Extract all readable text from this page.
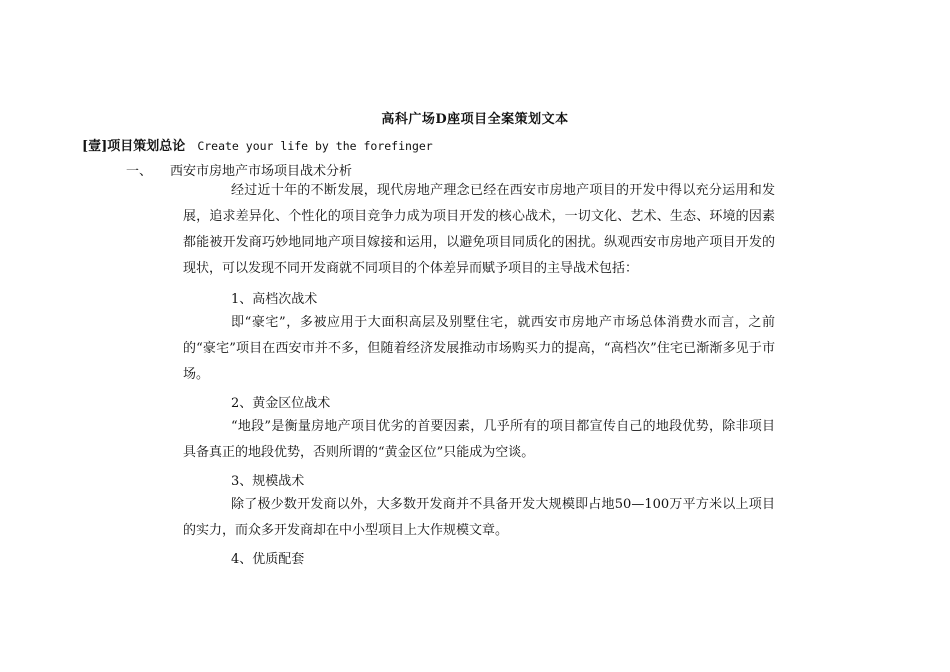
高科广场D座项目全案策划文本
[壹]项目策划总论 Create your life by the forefinger
一、 西安市房地产市场项目战术分析
经过近十年的不断发展，现代房地产理念已经在西安市房地产项目的开发中得以充分运用和发展，追求差异化、个性化的项目竞争力成为项目开发的核心战术，一切文化、艺术、生态、环境的因素都能被开发商巧妙地同地产项目嫁接和运用，以避免项目同质化的困扰。纵观西安市房地产项目开发的现状，可以发现不同开发商就不同项目的个体差异而赋予项目的主导战术包括：
1、高档次战术
即“豪宅”，多被应用于大面积高层及别墅住宅，就西安市房地产市场总体消费水而言，之前的“豪宅”项目在西安市并不多，但随着经济发展推动市场购买力的提高，“高档次”住宅已渐渐多见于市场。
2、黄金区位战术
“地段”是衡量房地产项目优劣的首要因素，几乎所有的项目都宣传自己的地段优势，除非项目具备真正的地段优势，否则所谓的“黄金区位”只能成为空谈。
3、规模战术
除了极少数开发商以外，大多数开发商并不具备开发大规模即占地50—100万平方米以上项目的实力，而众多开发商却在中小型项目上大作规模文章。
4、优质配套
